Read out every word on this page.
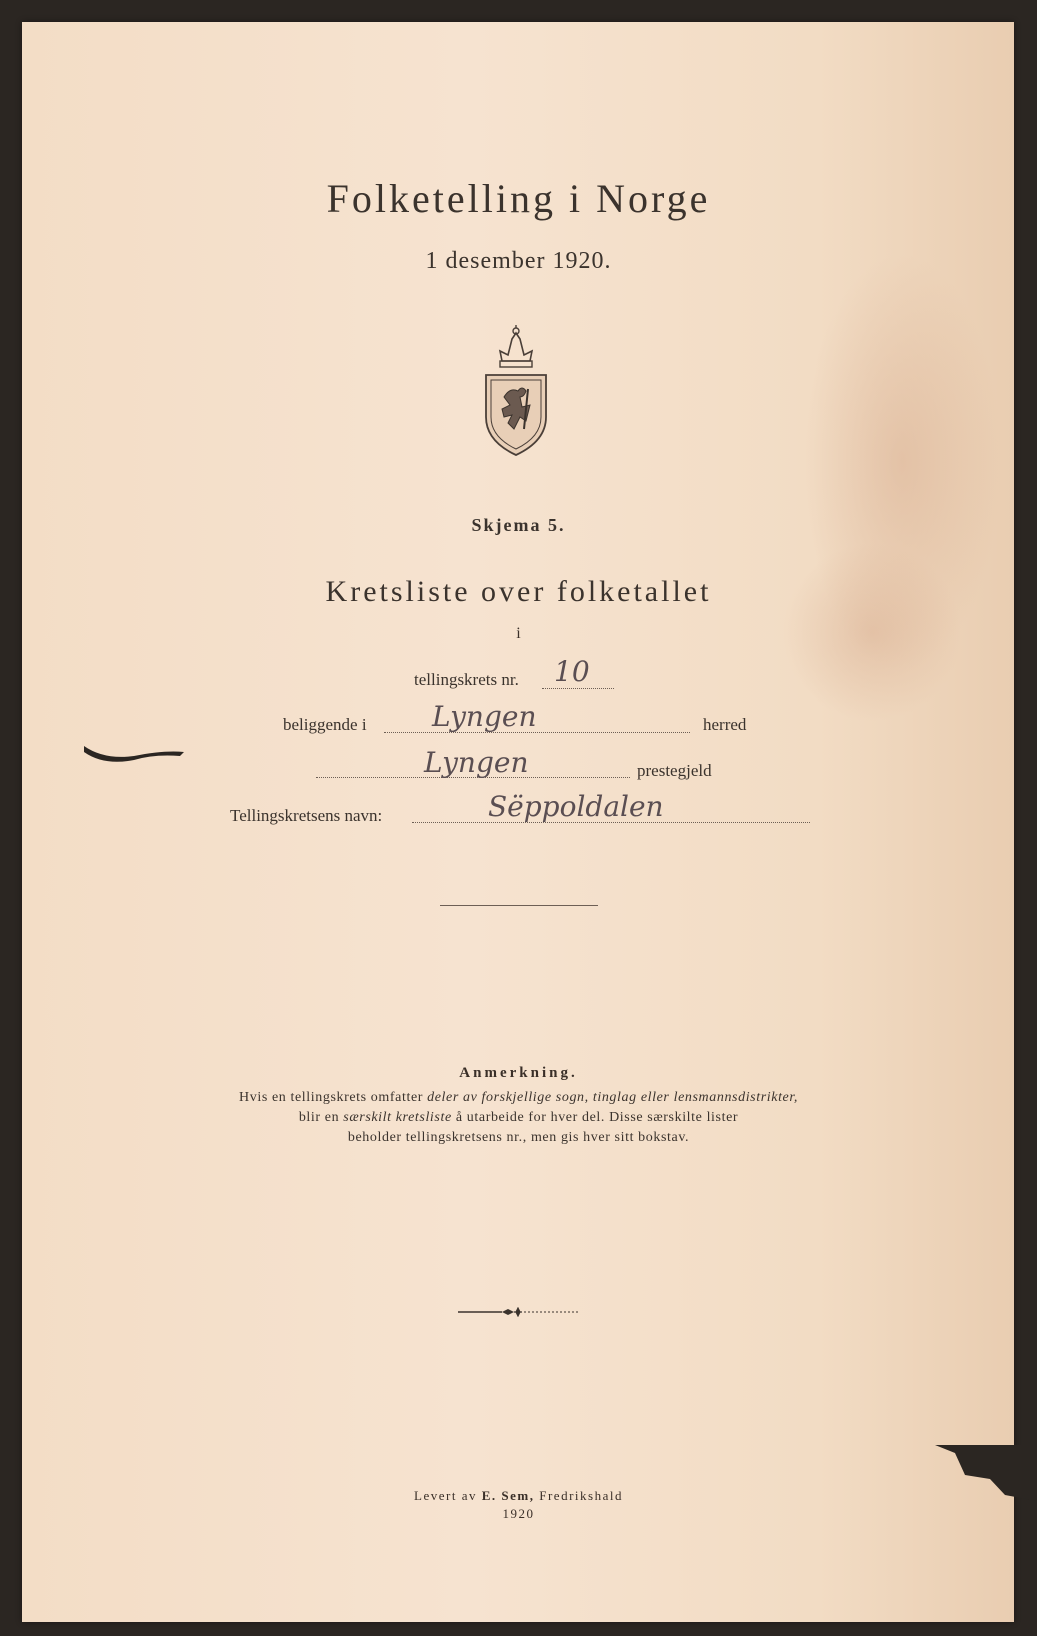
Folketelling i Norge
1 desember 1920.
Skjema 5.
Kretsliste over folketallet
i
tellingskrets nr. 10
beliggende i Lyngen	herred
Lyngen	prestegjeld
Tellingskretsens navn:	Sëppoldalen
Anmerkning.
Hvis en tellingskrets omfatter deler av forskjellige sogn, tinglag eller lensmannsdistrikter,
blir en særskilt kretsliste å utarbeide for hver del. Disse særskilte lister
beholder tellingskretsens nr., men gis hver sitt bokstav.
Levert av E. Sem, Fredrikshald
1920
